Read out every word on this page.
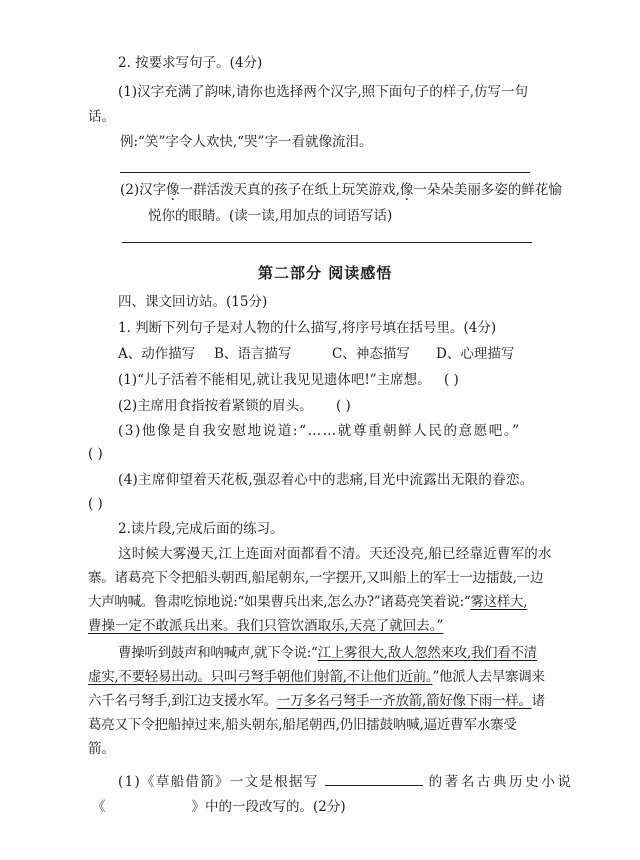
2. 按要求写句子。(4分)
(1)汉字充满了韵味,请你也选择两个汉字,照下面句子的样子,仿写一句
话。
例:“笑”字令人欢快,“哭”字一看就像流泪。
(2)汉字像一群活泼天真的孩子在纸上玩笑游戏,像一朵朵美丽多姿的鲜花愉
悦你的眼睛。(读一读,用加点的词语写话)
第二部分 阅读感悟
四、课文回访站。(15分)
1. 判断下列句子是对人物的什么描写,将序号填在括号里。(4分)
A、动作描写 B、语言描写	C、神态描写 D、心理描写
(1)“儿子活着不能相见,就让我见见遗体吧!”主席想。 ( )
(2)主席用食指按着紧锁的眉头。 ( )
(3)他像是自我安慰地说道:“……就尊重朝鲜人民的意愿吧。”
( )
(4)主席仰望着天花板,强忍着心中的悲痛,目光中流露出无限的眷恋。
( )
2.读片段,完成后面的练习。
这时候大雾漫天,江上连面对面都看不清。天还没亮,船已经靠近曹军的水
寨。诸葛亮下令把船头朝西,船尾朝东,一字摆开,又叫船上的军士一边擂鼓,一边
大声呐喊。鲁肃吃惊地说:“如果曹兵出来,怎么办?”诸葛亮笑着说:“雾这样大,
曹操一定不敢派兵出来。我们只管饮酒取乐,天亮了就回去。”
曹操听到鼓声和呐喊声,就下令说:“江上雾很大,敌人忽然来攻,我们看不清
虚实,不要轻易出动。只叫弓弩手朝他们射箭,不让他们近前。”他派人去旱寨调来
六千名弓弩手,到江边支援水军。一万多名弓弩手一齐放箭,箭好像下雨一样。诸
葛亮又下令把船掉过来,船头朝东,船尾朝西,仍旧擂鼓呐喊,逼近曹军水寨受
箭。
(1)《草船借箭》一文是根据写	的著名古典历史小说
《	》中的一段改写的。(2分)
